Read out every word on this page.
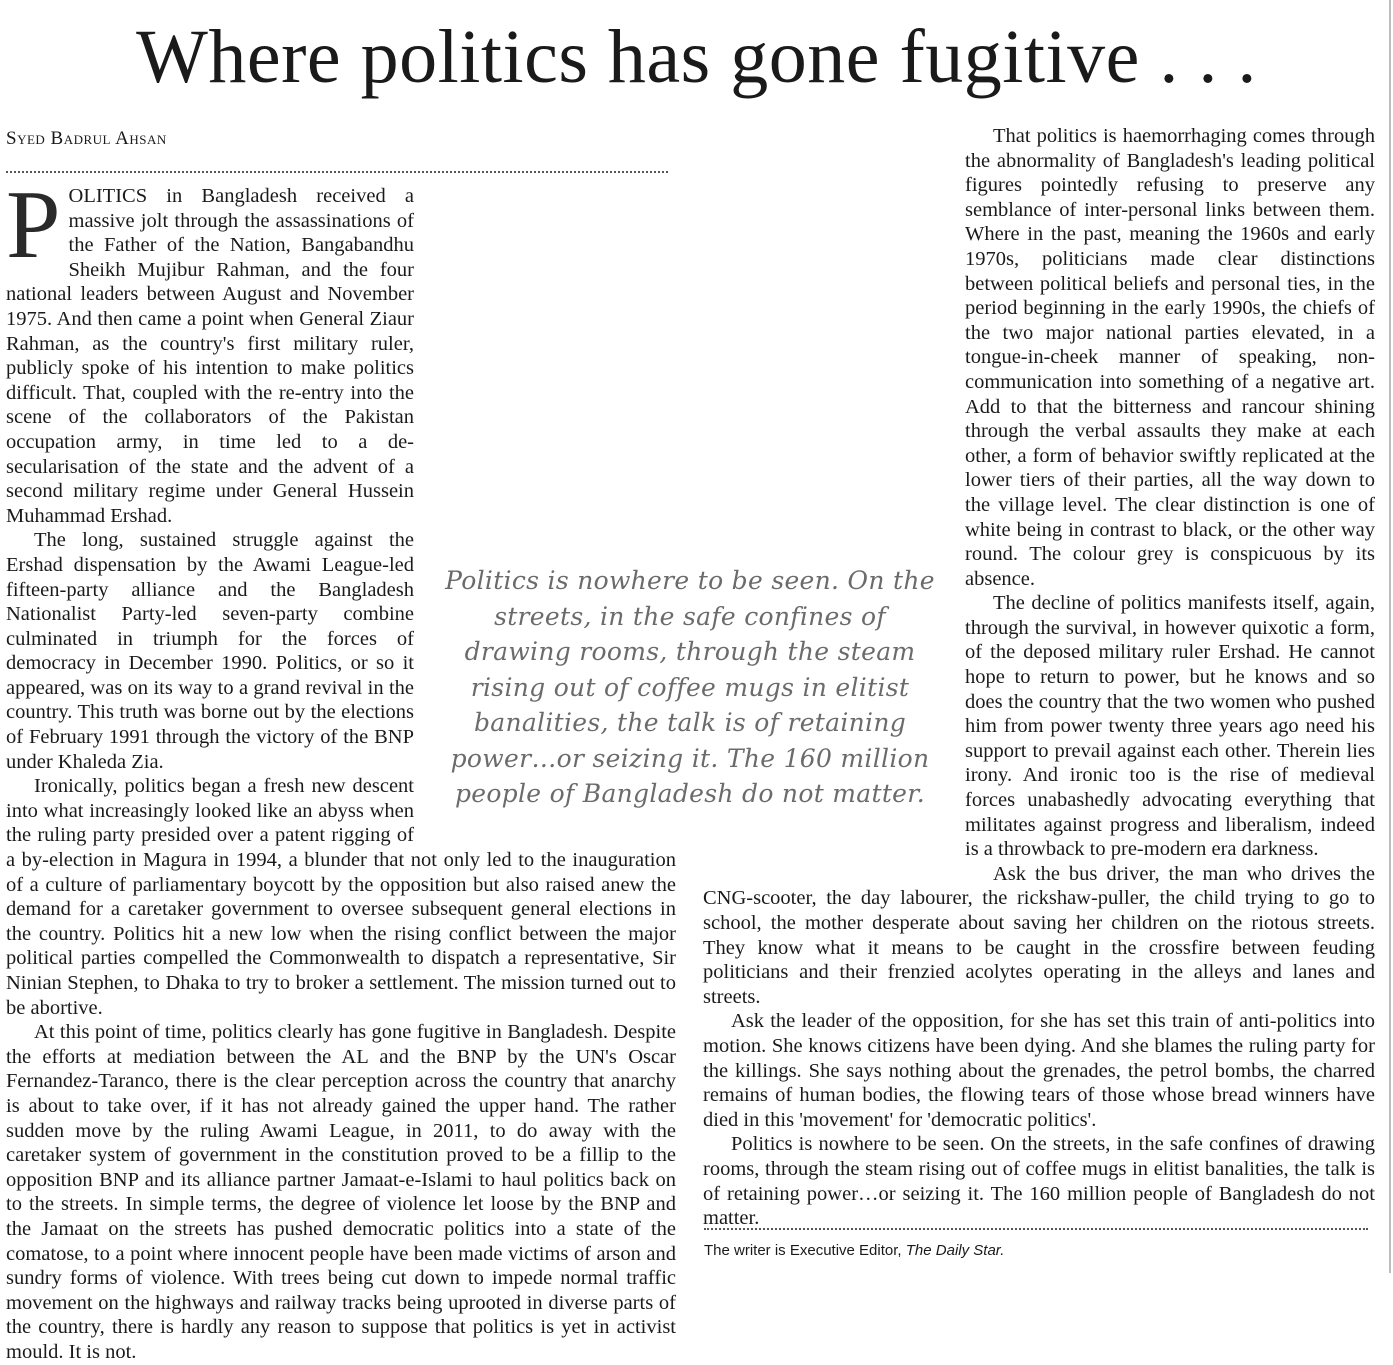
Where politics has gone fugitive . . .
Syed Badrul Ahsan

POLITICS in Bangladesh received a massive jolt through the assassinations of the Father of the Nation, Bangabandhu Sheikh Mujibur Rahman, and the four national leaders between August and November 1975. And then came a point when General Ziaur Rahman, as the country's first military ruler, publicly spoke of his intention to make politics difficult. That, coupled with the re-entry into the scene of the collaborators of the Pakistan occupation army, in time led to a de-secularisation of the state and the advent of a second military regime under General Hussein Muhammad Ershad.

The long, sustained struggle against the Ershad dispensation by the Awami League-led fifteen-party alliance and the Bangladesh Nationalist Party-led seven-party combine culminated in triumph for the forces of democracy in December 1990. Politics, or so it appeared, was on its way to a grand revival in the country. This truth was borne out by the elections of February 1991 through the victory of the BNP under Khaleda Zia.

Ironically, politics began a fresh new descent into what increasingly looked like an abyss when the ruling party presided over a patent rigging of a by-election in Magura in 1994, a blunder that not only led to the inauguration of a culture of parliamentary boycott by the opposition but also raised anew the demand for a caretaker government to oversee subsequent general elections in the country. Politics hit a new low when the rising conflict between the major political parties compelled the Commonwealth to dispatch a representative, Sir Ninian Stephen, to Dhaka to try to broker a settlement. The mission turned out to be abortive.

At this point of time, politics clearly has gone fugitive in Bangladesh. Despite the efforts at mediation between the AL and the BNP by the UN's Oscar Fernandez-Taranco, there is the clear perception across the country that anarchy is about to take over, if it has not already gained the upper hand. The rather sudden move by the ruling Awami League, in 2011, to do away with the caretaker system of government in the constitution proved to be a fillip to the opposition BNP and its alliance partner Jamaat-e-Islami to haul politics back on to the streets. In simple terms, the degree of violence let loose by the BNP and the Jamaat on the streets has pushed democratic politics into a state of the comatose, to a point where innocent people have been made victims of arson and sundry forms of violence. With trees being cut down to impede normal traffic movement on the highways and railway tracks being uprooted in diverse parts of the country, there is hardly any reason to suppose that politics is yet in activist mould. It is not.

That politics is haemorrhaging comes through the abnormality of Bangladesh's leading political figures pointedly refusing to preserve any semblance of inter-personal links between them. Where in the past, meaning the 1960s and early 1970s, politicians made clear distinctions between political beliefs and personal ties, in the period beginning in the early 1990s, the chiefs of the two major national parties elevated, in a tongue-in-cheek manner of speaking, non-communication into something of a negative art. Add to that the bitterness and rancour shining through the verbal assaults they make at each other, a form of behavior swiftly replicated at the lower tiers of their parties, all the way down to the village level. The clear distinction is one of white being in contrast to black, or the other way round. The colour grey is conspicuous by its absence.

The decline of politics manifests itself, again, through the survival, in however quixotic a form, of the deposed military ruler Ershad. He cannot hope to return to power, but he knows and so does the country that the two women who pushed him from power twenty three years ago need his support to prevail against each other. Therein lies irony. And ironic too is the rise of medieval forces unabashedly advocating everything that militates against progress and liberalism, indeed is a throwback to pre-modern era darkness.

Ask the bus driver, the man who drives the CNG-scooter, the day labourer, the rickshaw-puller, the child trying to go to school, the mother desperate about saving her children on the riotous streets. They know what it means to be caught in the crossfire between feuding politicians and their frenzied acolytes operating in the alleys and lanes and streets.

Ask the leader of the opposition, for she has set this train of anti-politics into motion. She knows citizens have been dying. And she blames the ruling party for the killings. She says nothing about the grenades, the petrol bombs, the charred remains of human bodies, the flowing tears of those whose bread winners have died in this 'movement' for 'democratic politics'.

Politics is nowhere to be seen. On the streets, in the safe confines of drawing rooms, through the steam rising out of coffee mugs in elitist banalities, the talk is of retaining power…or seizing it. The 160 million people of Bangladesh do not matter.

Politics is nowhere to be seen. On the streets, in the safe confines of drawing rooms, through the steam rising out of coffee mugs in elitist banalities, the talk is of retaining power…or seizing it. The 160 million people of Bangladesh do not matter.
The writer is Executive Editor, The Daily Star.
